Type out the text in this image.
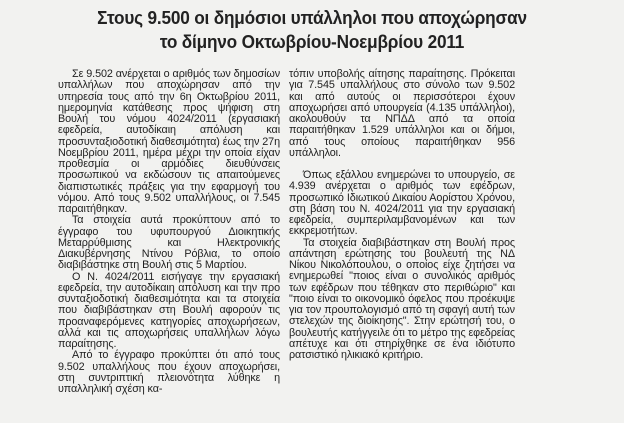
Στους 9.500 οι δημόσιοι υπάλληλοι που αποχώρησαν
το δίμηνο Οκτωβρίου-Νοεμβρίου 2011

Σε 9.502 ανέρχεται ο αριθμός των δημοσίων υπαλλήλων που αποχώρησαν από την υπηρεσία τους από την 6η Οκτωβρίου 2011, ημερομηνία κατάθεσης προς ψήφιση στη Βουλή του νόμου 4024/2011 (εργασιακή εφεδρεία, αυτοδίκαιη απόλυση και προσυνταξιοδοτική διαθεσιμότητα) έως την 27η Νοεμβρίου 2011, ημέρα μέχρι την οποία είχαν προθεσμία οι αρμόδιες διευθύνσεις προσωπικού να εκδώσουν τις απαιτούμενες διαπιστωτικές πράξεις για την εφαρμογή του νόμου. Από τους 9.502 υπαλλήλους, οι 7.545 παραιτήθηκαν.

Τα στοιχεία αυτά προκύπτουν από το έγγραφο του υφυπουργού Διοικητικής Μεταρρύθμισης και Ηλεκτρονικής Διακυβέρνησης Ντίνου Ρόβλια, το οποίο διαβιβάστηκε στη Βουλή στις 5 Μαρτίου.

Ο Ν. 4024/2011 εισήγαγε την εργασιακή εφεδρεία, την αυτοδίκαιη απόλυση και την προ συνταξιοδοτική διαθεσιμότητα και τα στοιχεία που διαβιβάστηκαν στη Βουλή αφορούν τις προαναφερόμενες κατηγορίες αποχωρήσεων, αλλά και τις αποχωρήσεις υπαλλήλων λόγω παραίτησης.

Από το έγγραφο προκύπτει ότι από τους 9.502 υπαλλήλους που έχουν αποχωρήσει, στη συντριπτική πλειονότητα λύθηκε η υπαλληλική σχέση κα-

τόπιν υποβολής αίτησης παραίτησης. Πρόκειται για 7.545 υπαλλήλους στο σύνολο των 9.502 και από αυτούς οι περισσότεροι έχουν αποχωρήσει από υπουργεία (4.135 υπάλληλοι), ακολουθούν τα ΝΠΔΔ από τα οποία παραιτήθηκαν 1.529 υπάλληλοι και οι δήμοι, από τους οποίους παραιτήθηκαν 956 υπάλληλοι.

Όπως εξάλλου ενημερώνει το υπουργείο, σε 4.939 ανέρχεται ο αριθμός των εφέδρων, προσωπικό Ιδιωτικού Δικαίου Αορίστου Χρόνου, στη βάση του Ν. 4024/2011 για την εργασιακή εφεδρεία, συμπεριλαμβανομένων και των εκκρεμοτήτων.

Τα στοιχεία διαβιβάστηκαν στη Βουλή προς απάντηση ερώτησης του βουλευτή της ΝΔ Νίκου Νικολόπουλου, ο οποίος είχε ζητήσει να ενημερωθεί "ποιος είναι ο συνολικός αριθμός των εφέδρων που τέθηκαν στο περιθώριο" και "ποιο είναι το οικονομικό όφελος που προέκυψε για τον προυπολογισμό από τη σφαγή αυτή των στελεχών της διοίκησης". Στην ερώτησή του, ο βουλευτής κατήγγειλε ότι το μέτρο της εφεδρείας απέτυχε και ότι στηρίχθηκε σε ένα ιδιότυπο ρατσιστικό ηλικιακό κριτήριο.
